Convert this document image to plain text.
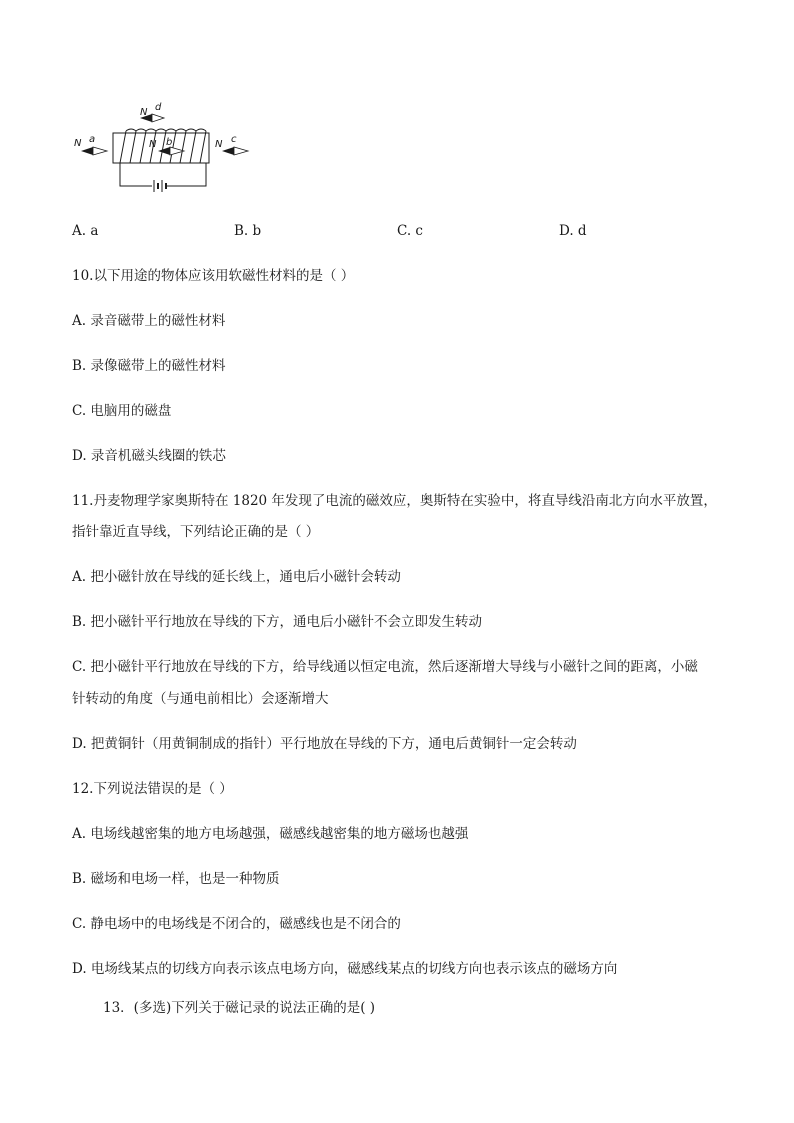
N d
N a	N b	N c
A. a	B. b	C. c	D. d
10.以下用途的物体应该用软磁性材料的是（ ）
A. 录音磁带上的磁性材料
B. 录像磁带上的磁性材料
C. 电脑用的磁盘
D. 录音机磁头线圈的铁芯
11.丹麦物理学家奥斯特在 1820 年发现了电流的磁效应，奥斯特在实验中，将直导线沿南北方向水平放置，
指针靠近直导线，下列结论正确的是（ ）
A. 把小磁针放在导线的延长线上，通电后小磁针会转动
B. 把小磁针平行地放在导线的下方，通电后小磁针不会立即发生转动
C. 把小磁针平行地放在导线的下方，给导线通以恒定电流，然后逐渐增大导线与小磁针之间的距离，小磁
针转动的角度（与通电前相比）会逐渐增大
D. 把黄铜针（用黄铜制成的指针）平行地放在导线的下方，通电后黄铜针一定会转动
12.下列说法错误的是（ ）
A. 电场线越密集的地方电场越强，磁感线越密集的地方磁场也越强
B. 磁场和电场一样，也是一种物质
C. 静电场中的电场线是不闭合的，磁感线也是不闭合的
D. 电场线某点的切线方向表示该点电场方向，磁感线某点的切线方向也表示该点的磁场方向
13．(多选)下列关于磁记录的说法正确的是( )
